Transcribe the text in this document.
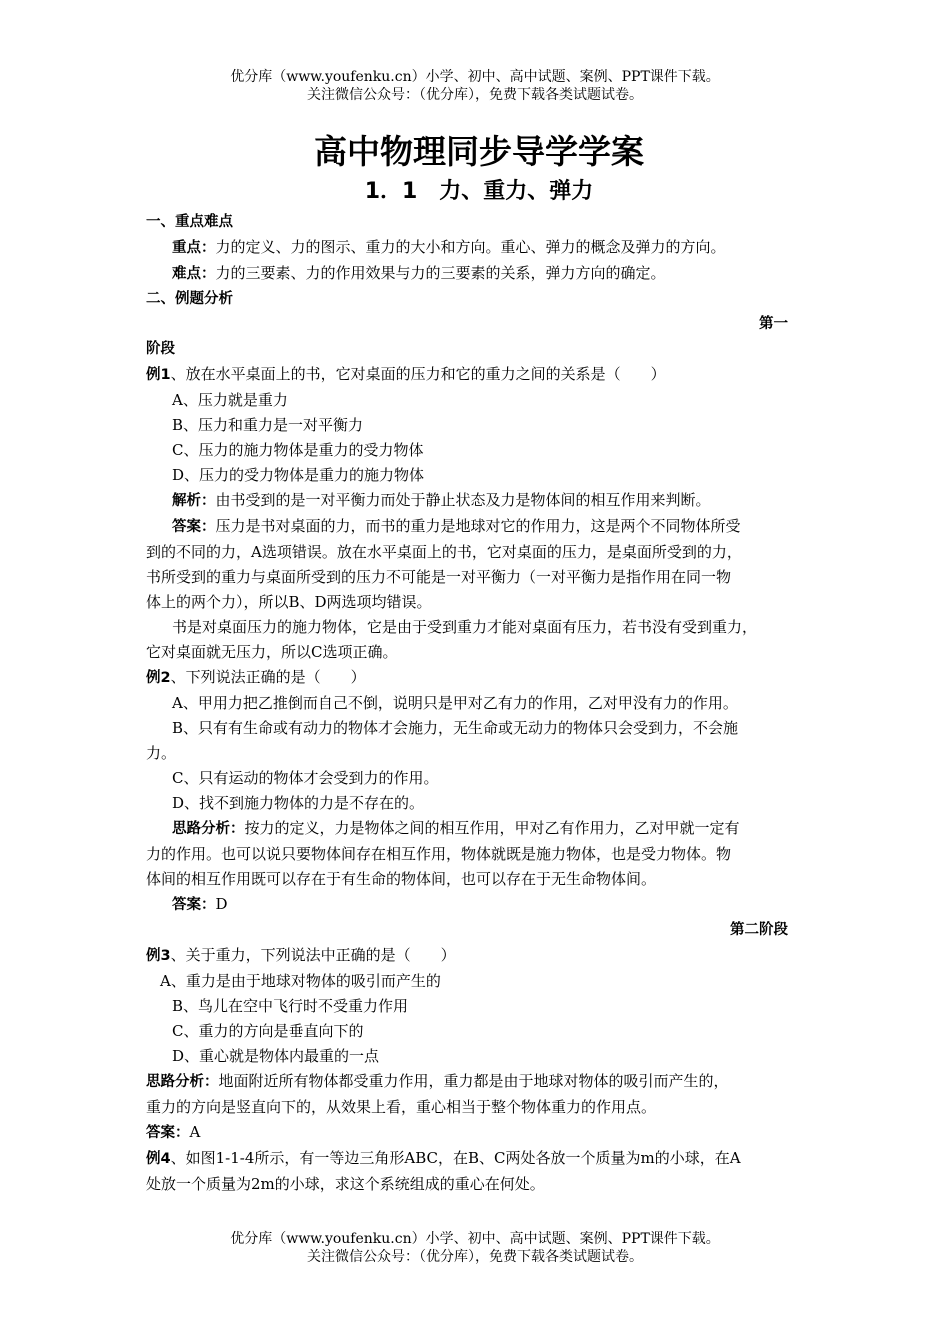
优分库（www.youfenku.cn）小学、初中、高中试题、案例、PPT课件下载。
关注微信公众号：（优分库），免费下载各类试题试卷。
高中物理同步导学学案
1．1　力、重力、弹力
一、重点难点
重点：力的定义、力的图示、重力的大小和方向。重心、弹力的概念及弹力的方向。
难点：力的三要素、力的作用效果与力的三要素的关系，弹力方向的确定。
二、例题分析
第一
阶段
例1、放在水平桌面上的书，它对桌面的压力和它的重力之间的关系是（　　）
A、压力就是重力
B、压力和重力是一对平衡力
C、压力的施力物体是重力的受力物体
D、压力的受力物体是重力的施力物体
解析：由书受到的是一对平衡力而处于静止状态及力是物体间的相互作用来判断。
答案：压力是书对桌面的力，而书的重力是地球对它的作用力，这是两个不同物体所受
到的不同的力，A选项错误。放在水平桌面上的书，它对桌面的压力，是桌面所受到的力，
书所受到的重力与桌面所受到的压力不可能是一对平衡力（一对平衡力是指作用在同一物
体上的两个力），所以B、D两选项均错误。
书是对桌面压力的施力物体，它是由于受到重力才能对桌面有压力，若书没有受到重力，
它对桌面就无压力，所以C选项正确。
例2、下列说法正确的是（　　）
A、甲用力把乙推倒而自己不倒，说明只是甲对乙有力的作用，乙对甲没有力的作用。
B、只有有生命或有动力的物体才会施力，无生命或无动力的物体只会受到力，不会施
力。
C、只有运动的物体才会受到力的作用。
D、找不到施力物体的力是不存在的。
思路分析：按力的定义，力是物体之间的相互作用，甲对乙有作用力，乙对甲就一定有
力的作用。也可以说只要物体间存在相互作用，物体就既是施力物体，也是受力物体。物
体间的相互作用既可以存在于有生命的物体间，也可以存在于无生命物体间。
答案：D
第二阶段
例3、关于重力，下列说法中正确的是（　　）
A、重力是由于地球对物体的吸引而产生的
B、鸟儿在空中飞行时不受重力作用
C、重力的方向是垂直向下的
D、重心就是物体内最重的一点
思路分析：地面附近所有物体都受重力作用，重力都是由于地球对物体的吸引而产生的，
重力的方向是竖直向下的，从效果上看，重心相当于整个物体重力的作用点。
答案：A
例4、如图1-1-4所示，有一等边三角形ABC，在B、C两处各放一个质量为m的小球，在A
处放一个质量为2m的小球，求这个系统组成的重心在何处。
优分库（www.youfenku.cn）小学、初中、高中试题、案例、PPT课件下载。
关注微信公众号：（优分库），免费下载各类试题试卷。
